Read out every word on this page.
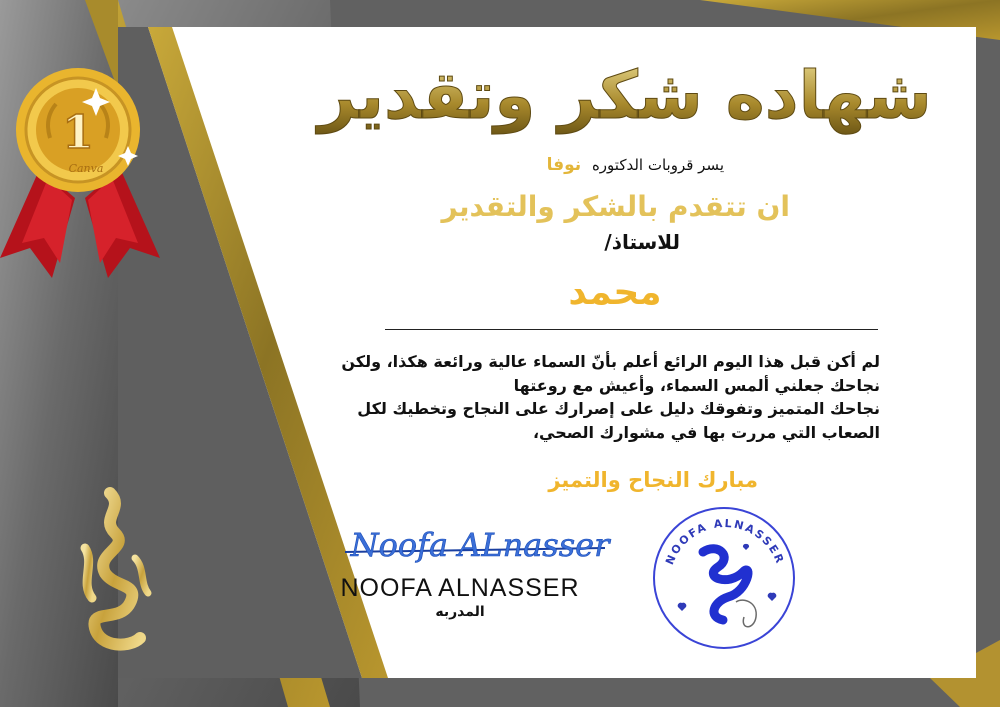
1
Canva
شهاده شكر وتقدير
يسر قروبات الدكتوره نوفا
ان تتقدم بالشكر والتقدير
للاستاذ/
محمد
لم أكن قبل هذا اليوم الرائع أعلم بأنّ السماء عالية ورائعة هكذا، ولكن
نجاحك جعلني ألمس السماء، وأعيش مع روعتها
نجاحك المتميز وتفوقك دليل على إصرارك على النجاح وتخطيك لكل
الصعاب التي مررت بها في مشوارك الصحي،
مبارك النجاح والتميز
Noofa ALnasser
NOOFA ALNASSER
المدربه
NOOFA ALNASSER
